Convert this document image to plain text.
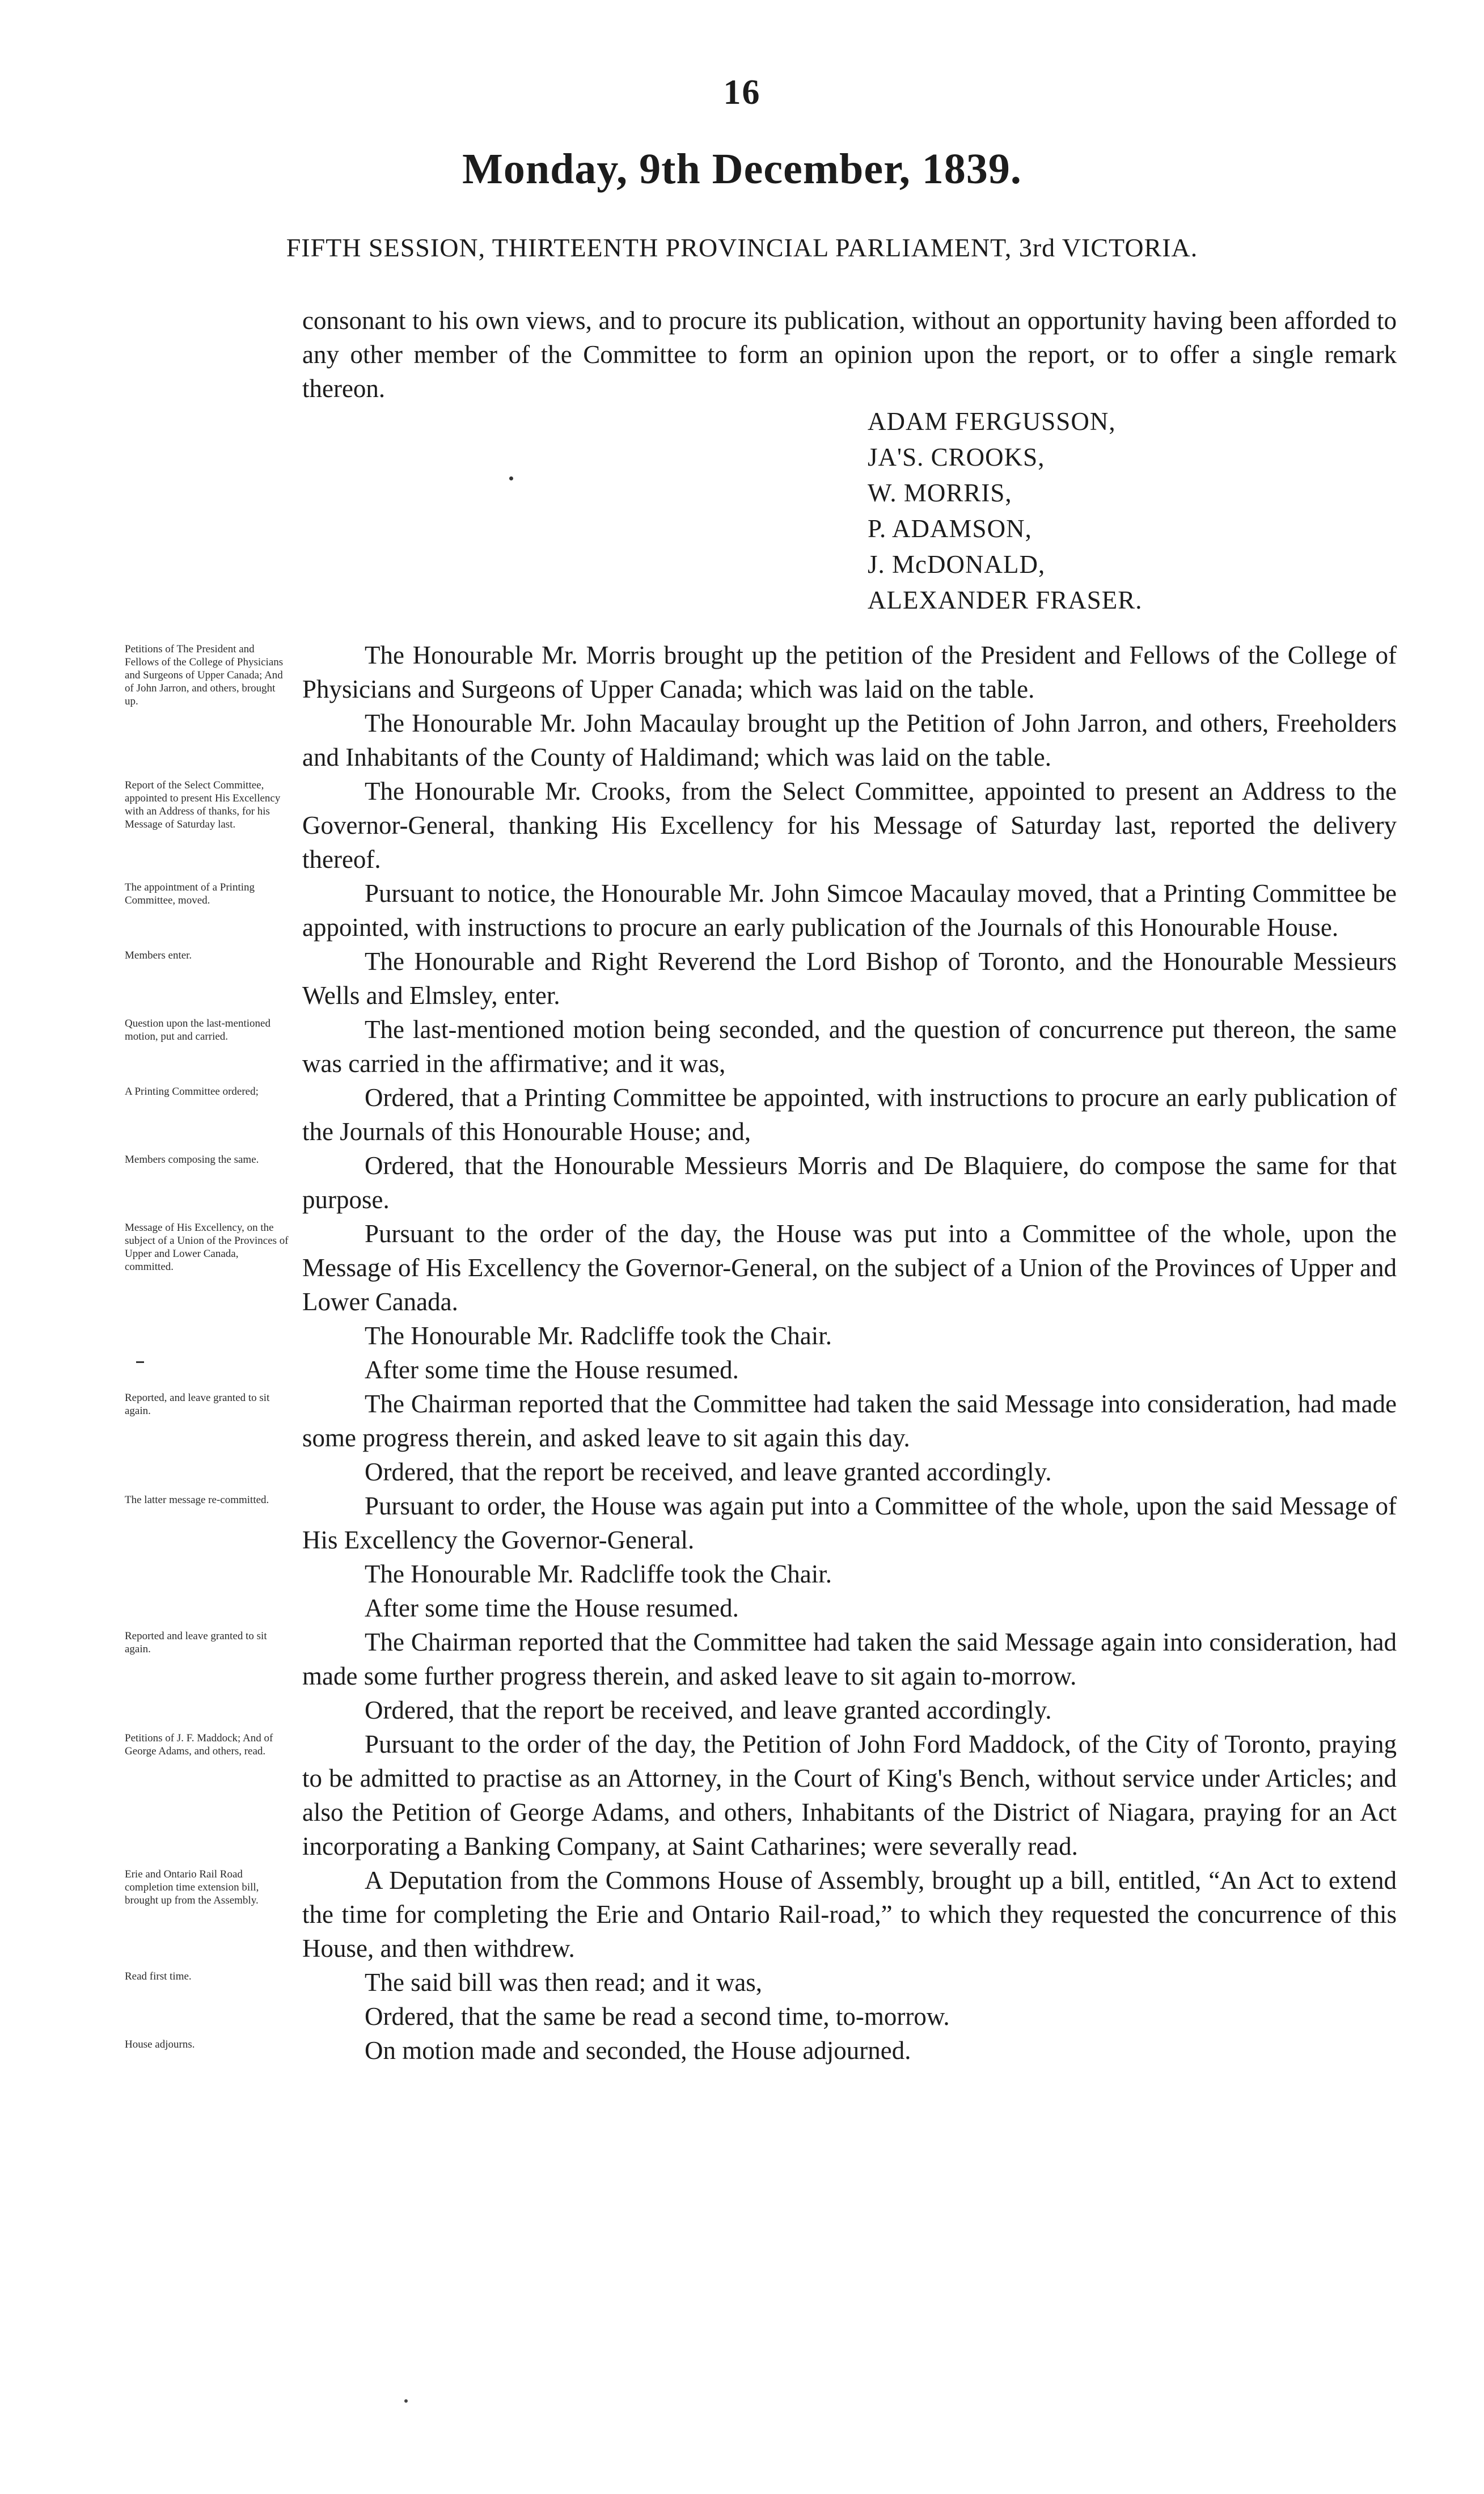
16
Monday, 9th December, 1839.
FIFTH SESSION, THIRTEENTH PROVINCIAL PARLIAMENT, 3rd VICTORIA.
consonant to his own views, and to procure its publication, without an opportunity having been afforded to any other member of the Committee to form an opinion upon the report, or to offer a single remark thereon.
ADAM FERGUSSON,
JA'S. CROOKS,
W. MORRIS,
P. ADAMSON,
J. McDONALD,
ALEXANDER FRASER.
Petitions of The President and Fellows of the College of Physicians and Surgeons of Upper Canada; And of John Jarron, and others, brought up.
The Honourable Mr. Morris brought up the petition of the President and Fellows of the College of Physicians and Surgeons of Upper Canada; which was laid on the table.
The Honourable Mr. John Macaulay brought up the Petition of John Jarron, and others, Freeholders and Inhabitants of the County of Haldimand; which was laid on the table.
Report of the Select Committee, appointed to present His Excellency with an Address of thanks, for his Message of Saturday last.
The Honourable Mr. Crooks, from the Select Committee, appointed to present an Address to the Governor-General, thanking His Excellency for his Message of Saturday last, reported the delivery thereof.
The appointment of a Printing Committee, moved.	Pursuant to notice, the Honourable Mr. John Simcoe Macaulay moved, that a Printing Committee be appointed, with instructions to procure an early publication of the Journals of this Honourable House.
Members enter.	The Honourable and Right Reverend the Lord Bishop of Toronto, and the Honourable Messieurs Wells and Elmsley, enter.
Question upon the last-mentioned motion, put and carried.	The last-mentioned motion being seconded, and the question of concurrence put thereon, the same was carried in the affirmative; and it was,
A Printing Committee ordered;	Ordered, that a Printing Committee be appointed, with instructions to procure an early publication of the Journals of this Honourable House; and,
Members composing the same.	Ordered, that the Honourable Messieurs Morris and De Blaquiere, do compose the same for that purpose.
Message of His Excellency, on the subject of a Union of the Provinces of Upper and Lower Canada, committed.
Pursuant to the order of the day, the House was put into a Committee of the whole, upon the Message of His Excellency the Governor-General, on the subject of a Union of the Provinces of Upper and Lower Canada.
The Honourable Mr. Radcliffe took the Chair.
After some time the House resumed.
Reported, and leave granted to sit again.	The Chairman reported that the Committee had taken the said Message into consideration, had made some progress therein, and asked leave to sit again this day.
Ordered, that the report be received, and leave granted accordingly.
The latter message re-committed.	Pursuant to order, the House was again put into a Committee of the whole, upon the said Message of His Excellency the Governor-General.
The Honourable Mr. Radcliffe took the Chair.
After some time the House resumed.
Reported and leave granted to sit again.	The Chairman reported that the Committee had taken the said Message again into consideration, had made some further progress therein, and asked leave to sit again to-morrow.
Ordered, that the report be received, and leave granted accordingly.
Petitions of J. F. Maddock; And of George Adams, and others, read.	Pursuant to the order of the day, the Petition of John Ford Maddock, of the City of Toronto, praying to be admitted to practise as an Attorney, in the Court of King's Bench, without service under Articles; and also the Petition of George Adams, and others, Inhabitants of the District of Niagara, praying for an Act incorporating a Banking Company, at Saint Catharines; were severally read.
Erie and Ontario Rail Road completion time extension bill, brought up from the Assembly.
A Deputation from the Commons House of Assembly, brought up a bill, entitled, “An Act to extend the time for completing the Erie and Ontario Rail-road,” to which they requested the concurrence of this House, and then withdrew.
Read first time.	The said bill was then read; and it was,
Ordered, that the same be read a second time, to-morrow.
House adjourns.	On motion made and seconded, the House adjourned.
